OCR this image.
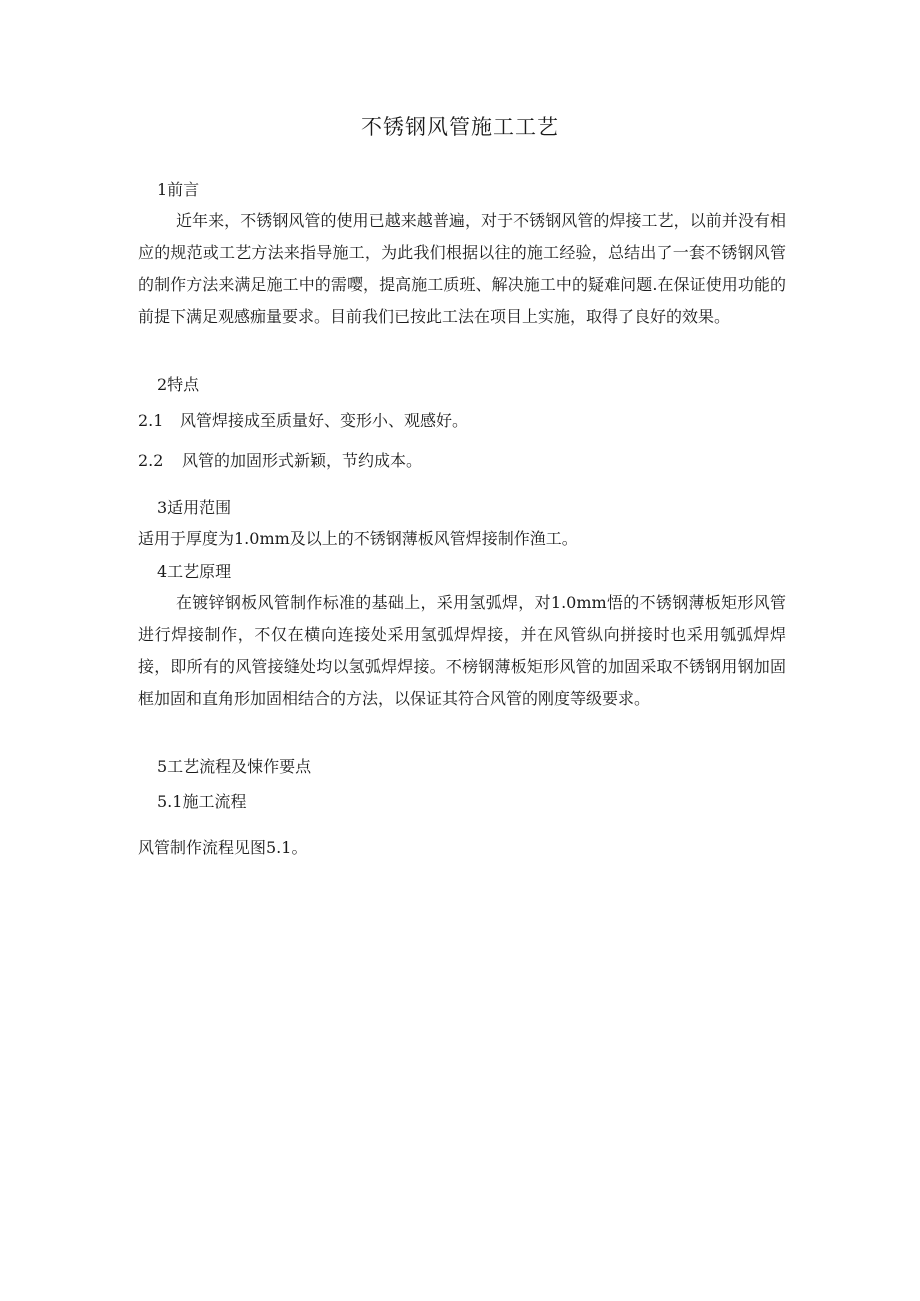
不锈钢风管施工工艺
1前言

近年来，不锈钢风管的使用已越来越普遍，对于不锈钢风管的焊接工艺，以前并没有相应的规范或工艺方法来指导施工，为此我们根据以往的施工经验，总结出了一套不锈钢风管的制作方法来满足施工中的需嘤，提高施工质班、解决施工中的疑难问题.在保证使用功能的前提下满足观感痂量要求。目前我们已按此工法在项目上实施，取得了良好的效果。

2特点
2.1 风管焊接成至质量好、变形小、观感好。
2.2 风管的加固形式新颖，节约成本。
3适用范围
适用于厚度为1.0mm及以上的不锈钢薄板风管焊接制作渔工。
4工艺原理

在镀锌钢板风管制作标准的基础上，采用氢弧焊，对1.0mm悟的不锈钢薄板矩形风管进行焊接制作，不仅在横向连接处采用氢弧焊焊接，并在风管纵向拼接时也采用瓠弧焊焊接，即所有的风管接缝处均以氢弧焊焊接。不榜钢薄板矩形风管的加固采取不锈钢用钢加固框加固和直角形加固相结合的方法，以保证其符合风管的刚度等级要求。

5工艺流程及悚作要点
5.1施工流程
风管制作流程见图5.1。
